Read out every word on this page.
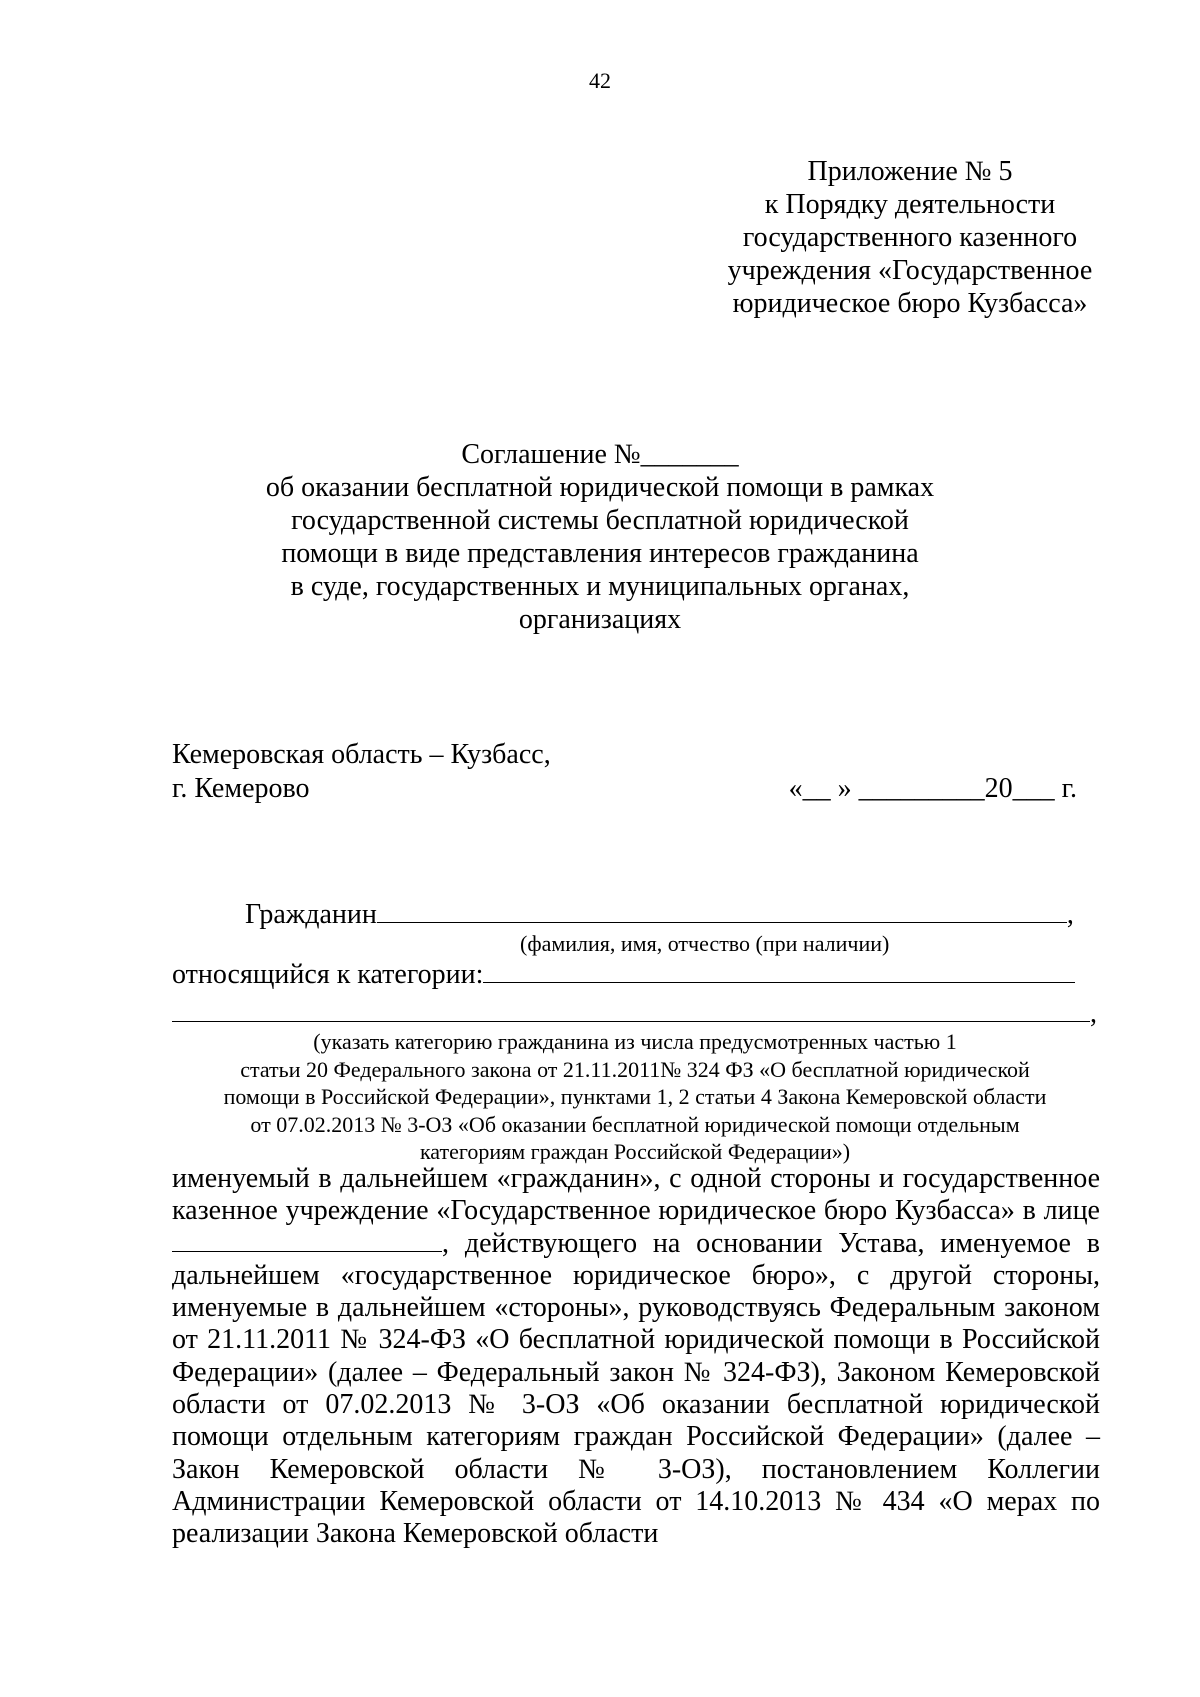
42
Приложение № 5
к Порядку деятельности
государственного казенного
учреждения «Государственное
юридическое бюро Кузбасса»
Соглашение №_______
об оказании бесплатной юридической помощи в рамках
государственной системы бесплатной юридической
помощи в виде представления интересов гражданина
в суде, государственных и муниципальных органах,
организациях
Кемеровская область – Кузбасс,
г. Кемерово	«__ » _________20___ г.
Гражданин	,
(фамилия, имя, отчество (при наличии)
относящийся к категории:
,
(указать категорию гражданина из числа предусмотренных частью 1
статьи 20 Федерального закона от 21.11.2011№ 324 ФЗ «О бесплатной юридической
помощи в Российской Федерации», пунктами 1, 2 статьи 4 Закона Кемеровской области
от 07.02.2013 № 3-ОЗ «Об оказании бесплатной юридической помощи отдельным
категориям граждан Российской Федерации»)
именуемый в дальнейшем «гражданин», с одной стороны и государственное казенное учреждение «Государственное юридическое бюро Кузбасса» в лице , действующего на основании Устава, именуемое в дальнейшем «государственное юридическое бюро», с другой стороны, именуемые в дальнейшем «стороны», руководствуясь Федеральным законом от 21.11.2011 № 324-ФЗ «О бесплатной юридической помощи в Российской Федерации» (далее – Федеральный закон № 324-ФЗ), Законом Кемеровской области от 07.02.2013 № 3-ОЗ «Об оказании бесплатной юридической помощи отдельным категориям граждан Российской Федерации» (далее – Закон Кемеровской области № 3-ОЗ), постановлением Коллегии Администрации Кемеровской области от 14.10.2013 № 434 «О мерах по реализации Закона Кемеровской области
